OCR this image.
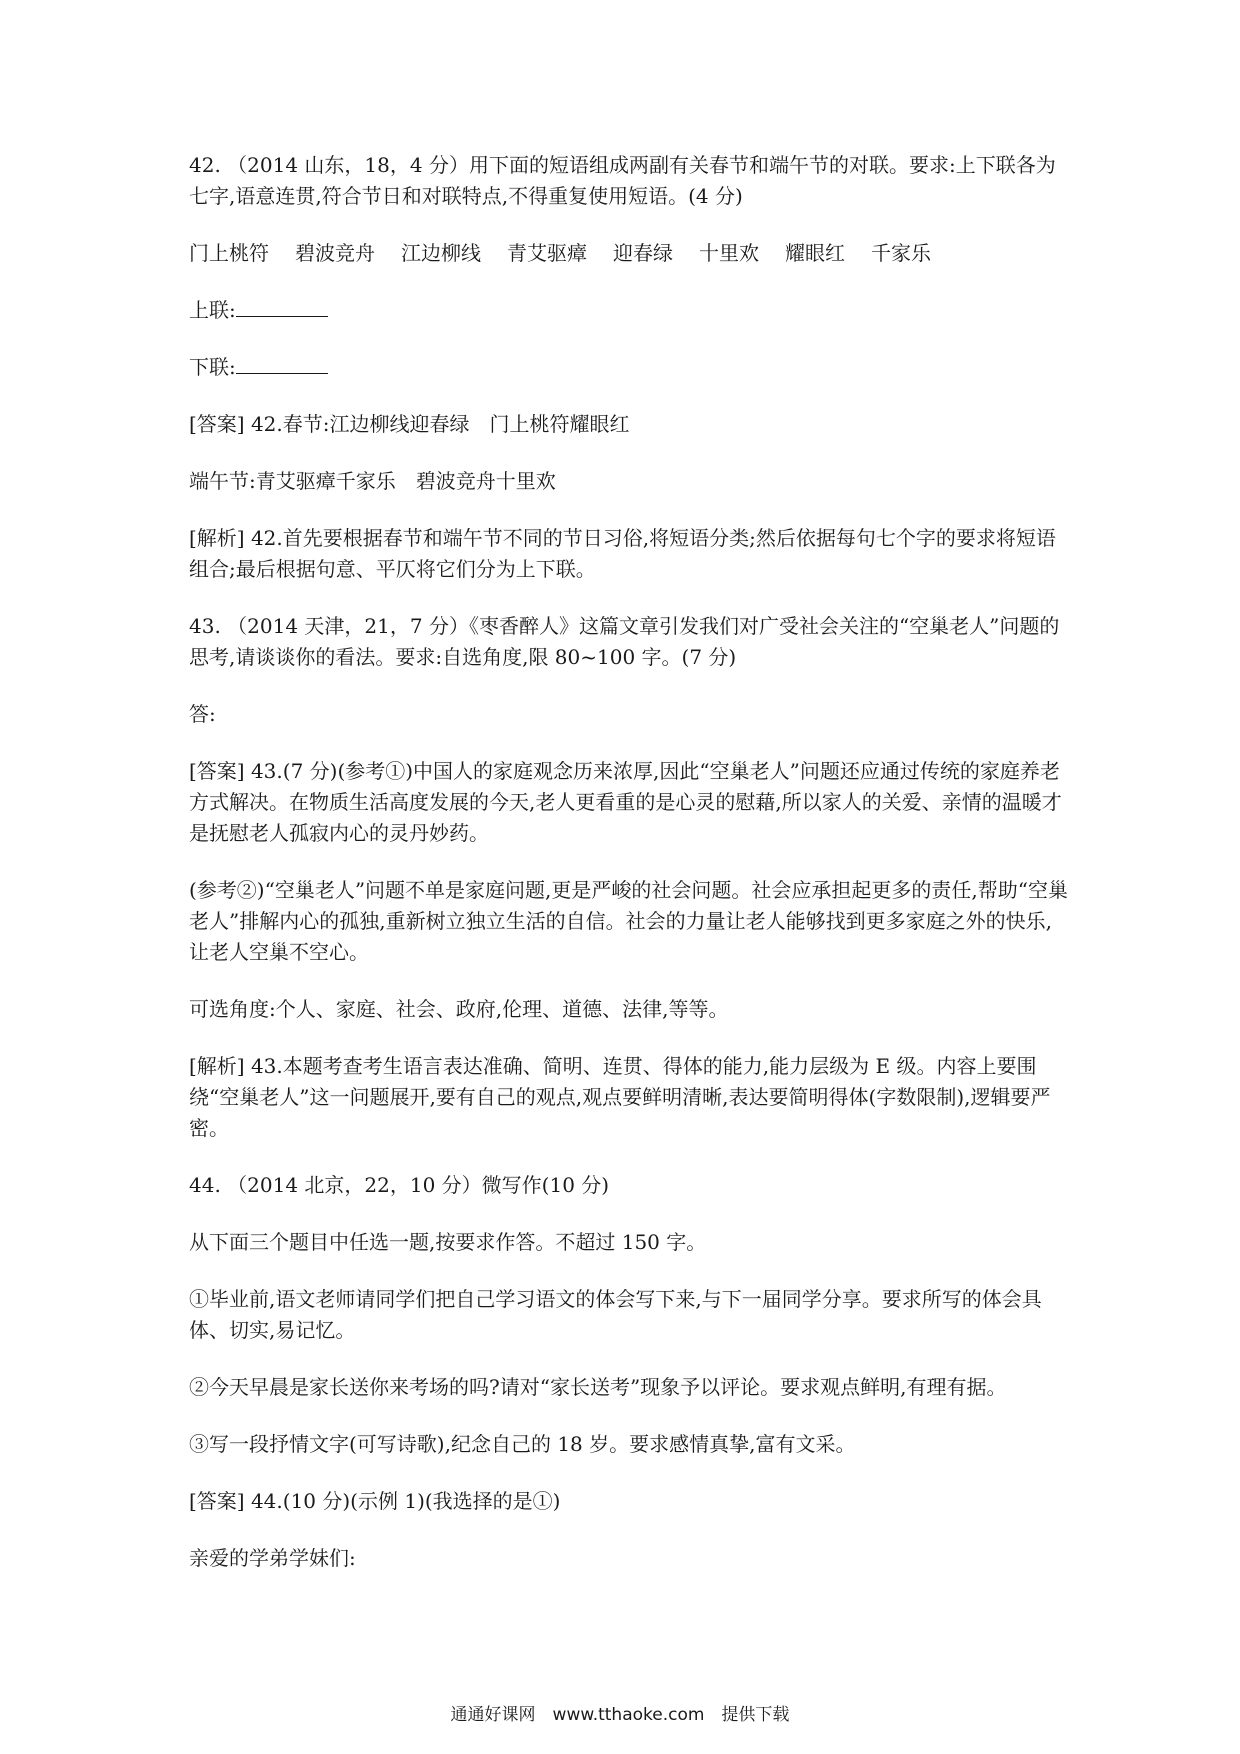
42. （2014 山东，18，4 分）用下面的短语组成两副有关春节和端午节的对联。要求:上下联各为七字,语意连贯,符合节日和对联特点,不得重复使用短语。(4 分)

门上桃符 碧波竞舟 江边柳线 青艾驱瘴 迎春绿 十里欢 耀眼红 千家乐

上联:

下联:

[答案] 42.春节:江边柳线迎春绿　门上桃符耀眼红

端午节:青艾驱瘴千家乐　碧波竞舟十里欢

[解析] 42.首先要根据春节和端午节不同的节日习俗,将短语分类;然后依据每句七个字的要求将短语组合;最后根据句意、平仄将它们分为上下联。

43. （2014 天津，21，7 分）《枣香醉人》这篇文章引发我们对广受社会关注的“空巢老人”问题的思考,请谈谈你的看法。要求:自选角度,限 80~100 字。(7 分)

答:

[答案] 43.(7 分)(参考①)中国人的家庭观念历来浓厚,因此“空巢老人”问题还应通过传统的家庭养老方式解决。在物质生活高度发展的今天,老人更看重的是心灵的慰藉,所以家人的关爱、亲情的温暖才是抚慰老人孤寂内心的灵丹妙药。

(参考②)“空巢老人”问题不单是家庭问题,更是严峻的社会问题。社会应承担起更多的责任,帮助“空巢老人”排解内心的孤独,重新树立独立生活的自信。社会的力量让老人能够找到更多家庭之外的快乐,让老人空巢不空心。

可选角度:个人、家庭、社会、政府,伦理、道德、法律,等等。

[解析] 43.本题考查考生语言表达准确、简明、连贯、得体的能力,能力层级为 E 级。内容上要围绕“空巢老人”这一问题展开,要有自己的观点,观点要鲜明清晰,表达要简明得体(字数限制),逻辑要严密。

44. （2014 北京，22，10 分）微写作(10 分)

从下面三个题目中任选一题,按要求作答。不超过 150 字。

①毕业前,语文老师请同学们把自己学习语文的体会写下来,与下一届同学分享。要求所写的体会具体、切实,易记忆。

②今天早晨是家长送你来考场的吗?请对“家长送考”现象予以评论。要求观点鲜明,有理有据。

③写一段抒情文字(可写诗歌),纪念自己的 18 岁。要求感情真挚,富有文采。

[答案] 44.(10 分)(示例 1)(我选择的是①)

亲爱的学弟学妹们:

通通好课网　www.tthaoke.com　提供下载
